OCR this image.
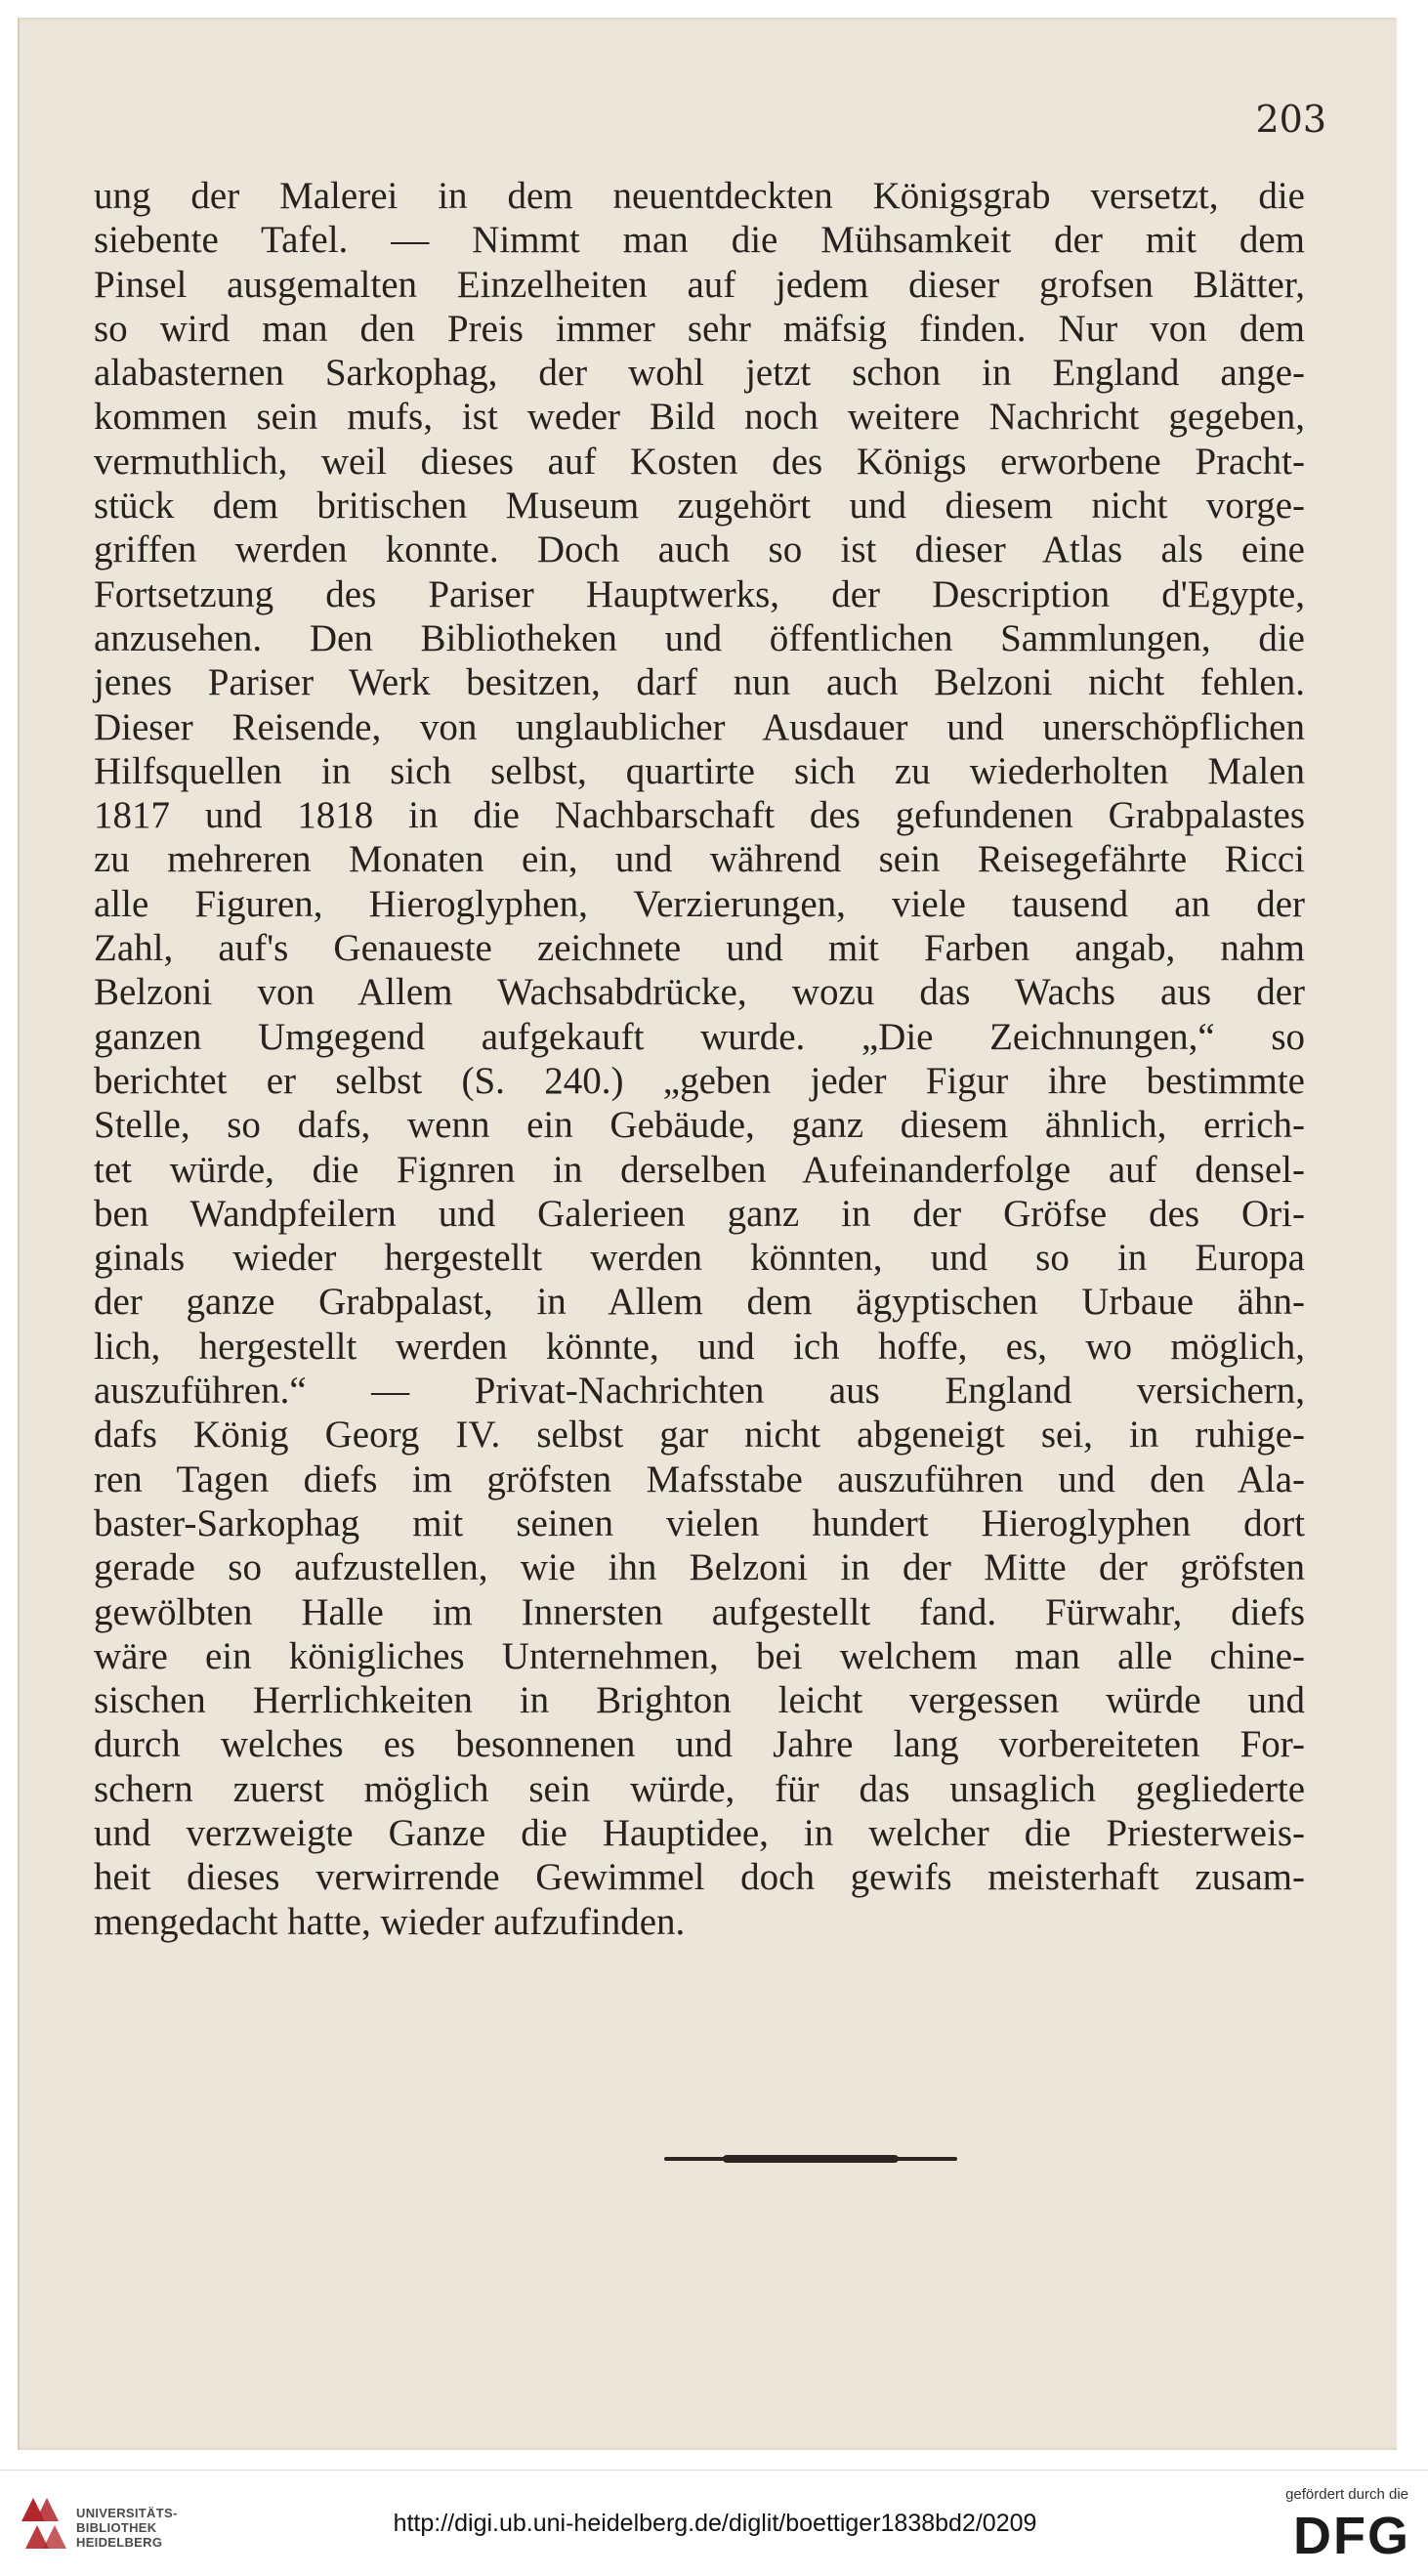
203
ung der Malerei in dem neuentdeckten Königsgrab versetzt, die
siebente Tafel. — Nimmt man die Mühsamkeit der mit dem
Pinsel ausgemalten Einzelheiten auf jedem dieser grofsen Blätter,
so wird man den Preis immer sehr mäfsig finden. Nur von dem
alabasternen Sarkophag, der wohl jetzt schon in England ange-
kommen sein mufs, ist weder Bild noch weitere Nachricht gegeben,
vermuthlich, weil dieses auf Kosten des Königs erworbene Pracht-
stück dem britischen Museum zugehört und diesem nicht vorge-
griffen werden konnte. Doch auch so ist dieser Atlas als eine
Fortsetzung des Pariser Hauptwerks, der Description d'Egypte,
anzusehen. Den Bibliotheken und öffentlichen Sammlungen, die
jenes Pariser Werk besitzen, darf nun auch Belzoni nicht fehlen.
Dieser Reisende, von unglaublicher Ausdauer und unerschöpflichen
Hilfsquellen in sich selbst, quartirte sich zu wiederholten Malen
1817 und 1818 in die Nachbarschaft des gefundenen Grabpalastes
zu mehreren Monaten ein, und während sein Reisegefährte Ricci
alle Figuren, Hieroglyphen, Verzierungen, viele tausend an der
Zahl, auf's Genaueste zeichnete und mit Farben angab, nahm
Belzoni von Allem Wachsabdrücke, wozu das Wachs aus der
ganzen Umgegend aufgekauft wurde. „Die Zeichnungen,“ so
berichtet er selbst (S. 240.) „geben jeder Figur ihre bestimmte
Stelle, so dafs, wenn ein Gebäude, ganz diesem ähnlich, errich-
tet würde, die Fignren in derselben Aufeinanderfolge auf densel-
ben Wandpfeilern und Galerieen ganz in der Gröfse des Ori-
ginals wieder hergestellt werden könnten, und so in Europa
der ganze Grabpalast, in Allem dem ägyptischen Urbaue ähn-
lich, hergestellt werden könnte, und ich hoffe, es, wo möglich,
auszuführen.“ — Privat-Nachrichten aus England versichern,
dafs König Georg IV. selbst gar nicht abgeneigt sei, in ruhige-
ren Tagen diefs im gröfsten Mafsstabe auszuführen und den Ala-
baster-Sarkophag mit seinen vielen hundert Hieroglyphen dort
gerade so aufzustellen, wie ihn Belzoni in der Mitte der gröfsten
gewölbten Halle im Innersten aufgestellt fand. Fürwahr, diefs
wäre ein königliches Unternehmen, bei welchem man alle chine-
sischen Herrlichkeiten in Brighton leicht vergessen würde und
durch welches es besonnenen und Jahre lang vorbereiteten For-
schern zuerst möglich sein würde, für das unsaglich gegliederte
und verzweigte Ganze die Hauptidee, in welcher die Priesterweis-
heit dieses verwirrende Gewimmel doch gewifs meisterhaft zusam-
mengedacht hatte, wieder aufzufinden.
UNIVERSITÄTS-
BIBLIOTHEK
HEIDELBERG
http://digi.ub.uni-heidelberg.de/diglit/boettiger1838bd2/0209
gefördert durch die
DFG
